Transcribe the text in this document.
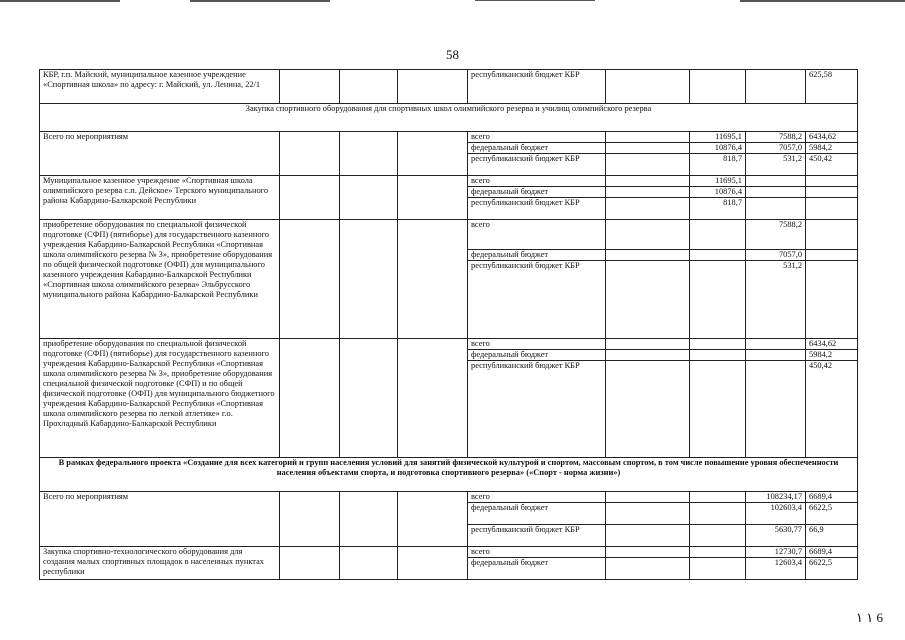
58
КБР, г.п. Майский, муниципальное казенное учреждение «Спортивная школа» по адресу: г. Майский, ул. Ленина, 22/1				республиканский бюджет КБР				625,58
Закупка спортивного оборудования для спортивных школ олимпийского резерва и училищ олимпийского резерва								
Всего по мероприятиям				всего		11695,1	7588,2	6434,62
				федеральный бюджет		10876,4	7057,0	5984,2
				республиканский бюджет КБР		818,7	531,2	450,42
Муниципальное казенное учреждение «Спортивная школа олимпийского резерва с.п. Дейское» Терского муниципального района Кабардино-Балкарской Республики				всего		11695,1		
				федеральный бюджет		10876,4		
				республиканский бюджет КБР		818,7		
приобретение оборудования по специальной физической подготовке (СФП) (пятиборье) для государственного казенного учреждения Кабардино-Балкарской Республики «Спортивная школа олимпийского резерва № 3», приобретение оборудования по общей физической подготовке (ОФП) для муниципального казенного учреждения Кабардино-Балкарской Республики «Спортивная школа олимпийского резерва» Эльбрусского муниципального района Кабардино-Балкарской Республики				всего			7588,2	
				федеральный бюджет			7057,0	
				республиканский бюджет КБР			531,2	
приобретение оборудования по специальной физической подготовке (СФП) (пятиборье) для государственного казенного учреждения Кабардино-Балкарской Республики «Спортивная школа олимпийского резерва № 3», приобретение оборудования специальной физической подготовке (СФП) и по общей физической подготовке (ОФП) для муниципального бюджетного учреждения Кабардино-Балкарской Республики «Спортивная школа олимпийского резерва по легкой атлетике» г.о. Прохладный Кабардино-Балкарской Республики				всего				6434,62
				федеральный бюджет				5984,2
				республиканский бюджет КБР				450,42
В рамках федерального проекта «Создание для всех категорий и групп населения условий для занятий физической культурой и спортом, массовым спортом, в том числе повышение уровня обеспеченности населения объектами спорта, и подготовка спортивного резерва» («Спорт - норма жизни»)								
Всего по мероприятиям				всего			108234,17	6689,4
				федеральный бюджет			102603,4	6622,5
				республиканский бюджет КБР			5630,77	66,9
Закупка спортивно-технологического оборудования для создания малых спортивных площадок в населенных пунктах республики				всего			12730,7	6689,4
				федеральный бюджет			12603,4	6622,5
١ ١ 6
